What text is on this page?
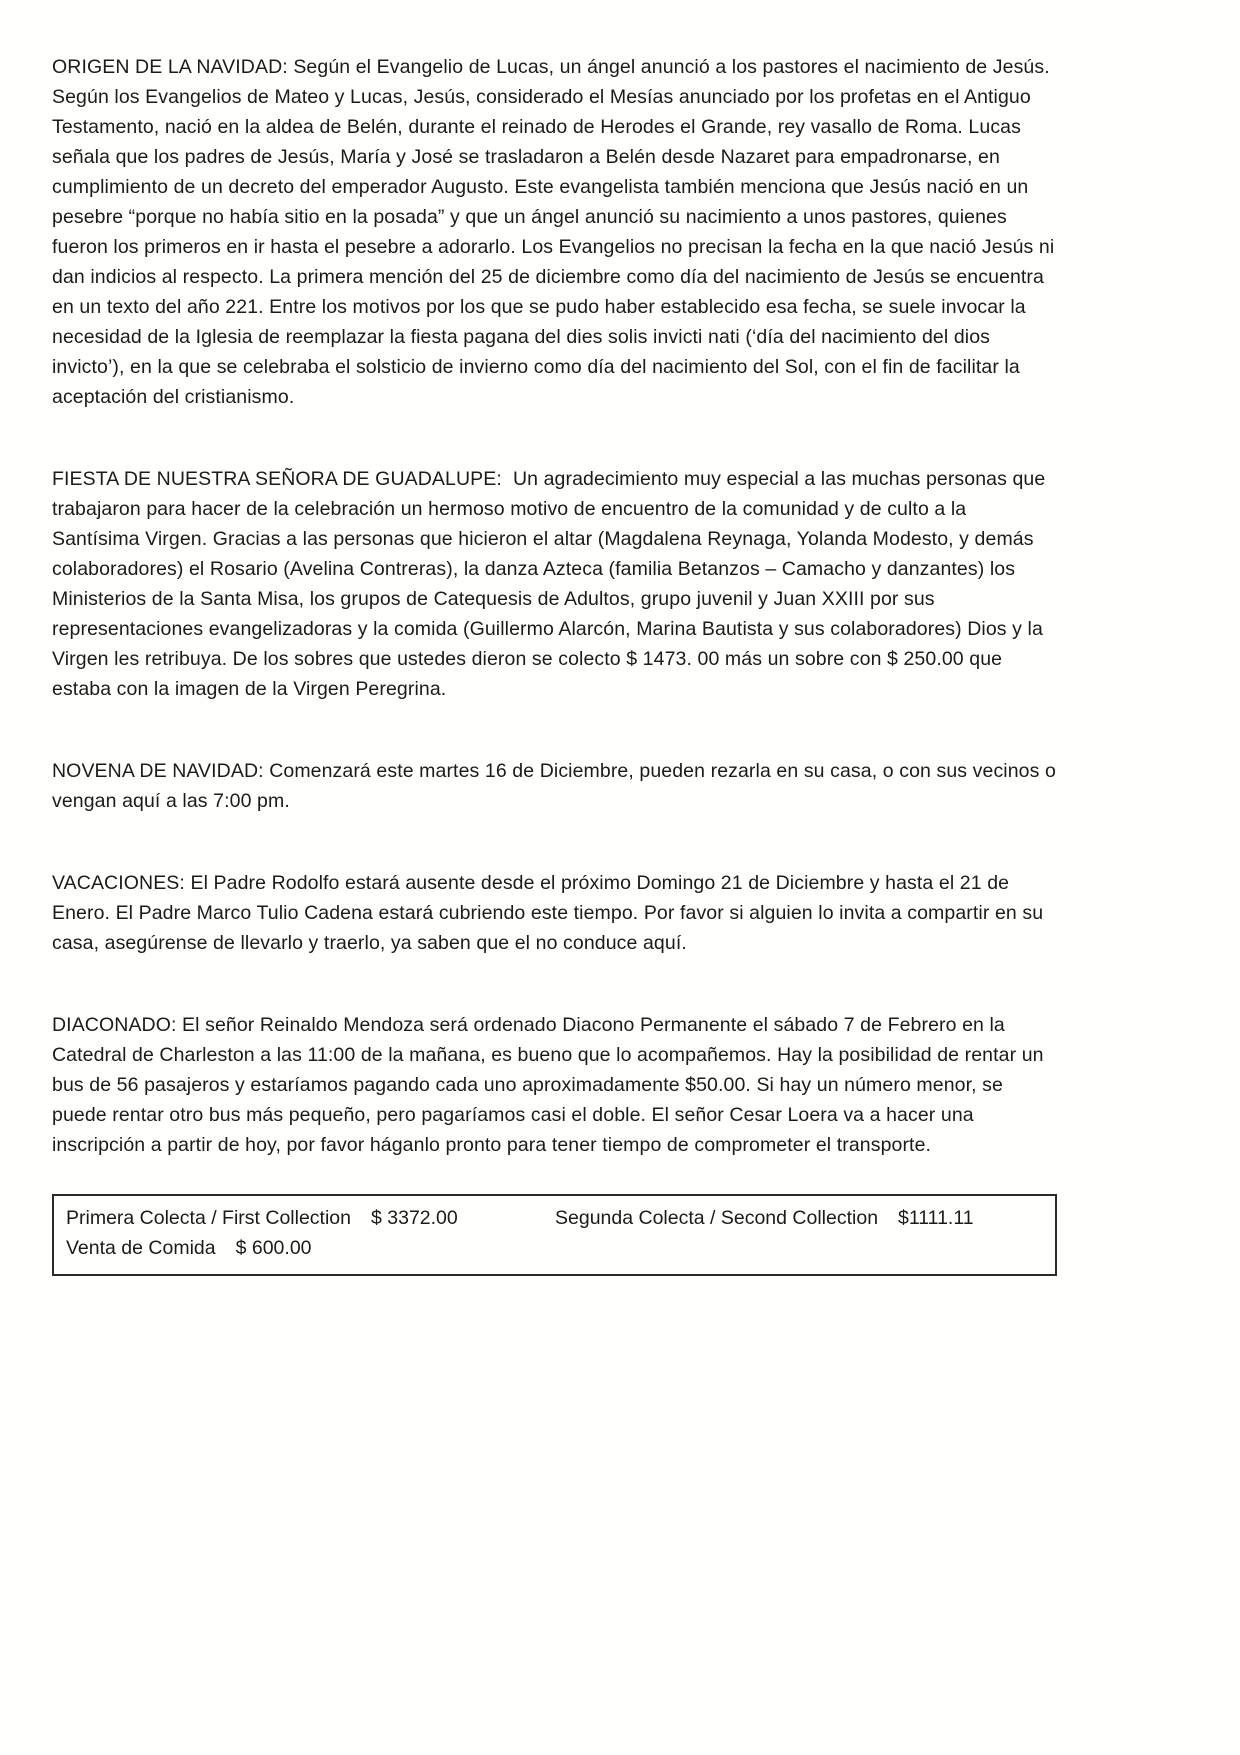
ORIGEN DE LA NAVIDAD: Según el Evangelio de Lucas, un ángel anunció a los pastores el nacimiento de Jesús. Según los Evangelios de Mateo y Lucas, Jesús, considerado el Mesías anunciado por los profetas en el Antiguo Testamento, nació en la aldea de Belén, durante el reinado de Herodes el Grande, rey vasallo de Roma. Lucas señala que los padres de Jesús, María y José se trasladaron a Belén desde Nazaret para empadronarse, en cumplimiento de un decreto del emperador Augusto. Este evangelista también menciona que Jesús nació en un pesebre “porque no había sitio en la posada” y que un ángel anunció su nacimiento a unos pastores, quienes fueron los primeros en ir hasta el pesebre a adorarlo. Los Evangelios no precisan la fecha en la que nació Jesús ni dan indicios al respecto. La primera mención del 25 de diciembre como día del nacimiento de Jesús se encuentra en un texto del año 221. Entre los motivos por los que se pudo haber establecido esa fecha, se suele invocar la necesidad de la Iglesia de reemplazar la fiesta pagana del dies solis invicti nati (‘día del nacimiento del dios invicto’), en la que se celebraba el solsticio de invierno como día del nacimiento del Sol, con el fin de facilitar la aceptación del cristianismo.

FIESTA DE NUESTRA SEÑORA DE GUADALUPE: Un agradecimiento muy especial a las muchas personas que trabajaron para hacer de la celebración un hermoso motivo de encuentro de la comunidad y de culto a la Santísima Virgen. Gracias a las personas que hicieron el altar (Magdalena Reynaga, Yolanda Modesto, y demás colaboradores) el Rosario (Avelina Contreras), la danza Azteca (familia Betanzos – Camacho y danzantes) los Ministerios de la Santa Misa, los grupos de Catequesis de Adultos, grupo juvenil y Juan XXIII por sus representaciones evangelizadoras y la comida (Guillermo Alarcón, Marina Bautista y sus colaboradores) Dios y la Virgen les retribuya. De los sobres que ustedes dieron se colecto $ 1473. 00 más un sobre con $ 250.00 que estaba con la imagen de la Virgen Peregrina.

NOVENA DE NAVIDAD: Comenzará este martes 16 de Diciembre, pueden rezarla en su casa, o con sus vecinos o vengan aquí a las 7:00 pm.

VACACIONES: El Padre Rodolfo estará ausente desde el próximo Domingo 21 de Diciembre y hasta el 21 de Enero. El Padre Marco Tulio Cadena estará cubriendo este tiempo. Por favor si alguien lo invita a compartir en su casa, asegúrense de llevarlo y traerlo, ya saben que el no conduce aquí.

DIACONADO: El señor Reinaldo Mendoza será ordenado Diacono Permanente el sábado 7 de Febrero en la Catedral de Charleston a las 11:00 de la mañana, es bueno que lo acompañemos. Hay la posibilidad de rentar un bus de 56 pasajeros y estaríamos pagando cada uno aproximadamente $50.00. Si hay un número menor, se puede rentar otro bus más pequeño, pero pagaríamos casi el doble. El señor Cesar Loera va a hacer una inscripción a partir de hoy, por favor háganlo pronto para tener tiempo de comprometer el transporte.

Primera Colecta / First Collection $ 3372.00	Segunda Colecta / Second Collection $1111.11
Venta de Comida $ 600.00
